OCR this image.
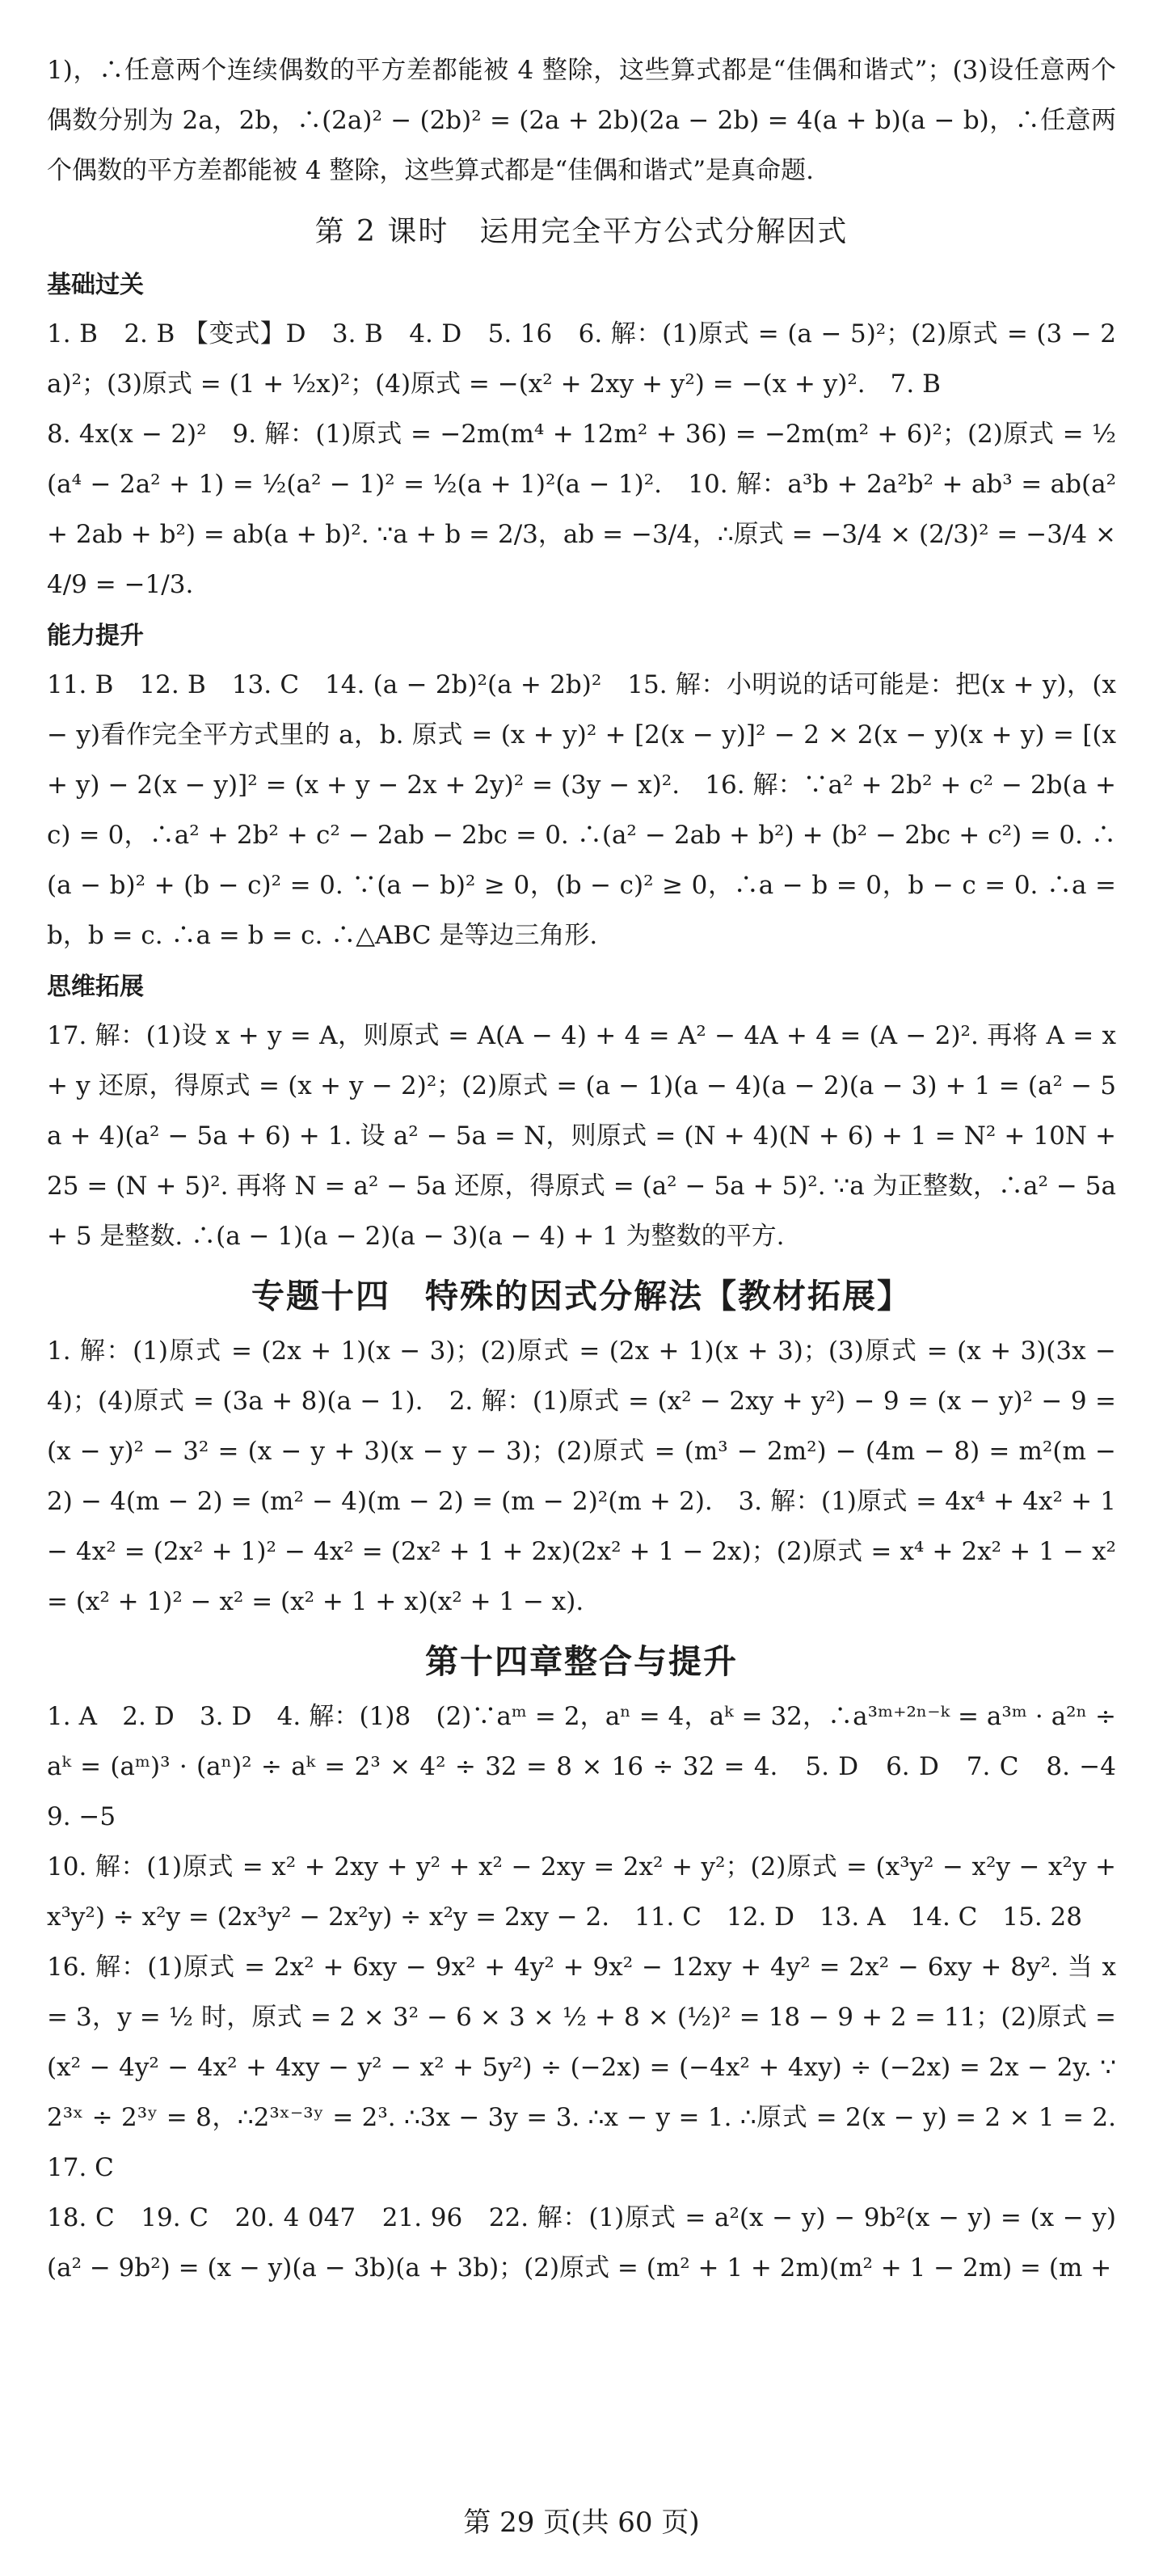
1)，∴任意两个连续偶数的平方差都能被 4 整除，这些算式都是“佳偶和谐式”；(3)设任意两个偶数分别为 2a，2b，∴(2a)² − (2b)² = (2a + 2b)(2a − 2b) = 4(a + b)(a − b)，∴任意两个偶数的平方差都能被 4 整除，这些算式都是“佳偶和谐式”是真命题.
第 2 课时　运用完全平方公式分解因式
基础过关
1. B　2. B 【变式】D　3. B　4. D　5. 16　6. 解：(1)原式 = (a − 5)²；(2)原式 = (3 − 2a)²；(3)原式 = (1 + ½x)²；(4)原式 = −(x² + 2xy + y²) = −(x + y)².　7. B
8. 4x(x − 2)²　9. 解：(1)原式 = −2m(m⁴ + 12m² + 36) = −2m(m² + 6)²；(2)原式 = ½(a⁴ − 2a² + 1) = ½(a² − 1)² = ½(a + 1)²(a − 1)².　10. 解：a³b + 2a²b² + ab³ = ab(a² + 2ab + b²) = ab(a + b)². ∵a + b = 2/3，ab = −3/4，∴原式 = −3/4 × (2/3)² = −3/4 × 4/9 = −1/3.
能力提升
11. B　12. B　13. C　14. (a − 2b)²(a + 2b)²　15. 解：小明说的话可能是：把(x + y)，(x − y)看作完全平方式里的 a，b. 原式 = (x + y)² + [2(x − y)]² − 2 × 2(x − y)(x + y) = [(x + y) − 2(x − y)]² = (x + y − 2x + 2y)² = (3y − x)².　16. 解：∵a² + 2b² + c² − 2b(a + c) = 0，∴a² + 2b² + c² − 2ab − 2bc = 0. ∴(a² − 2ab + b²) + (b² − 2bc + c²) = 0. ∴(a − b)² + (b − c)² = 0. ∵(a − b)² ≥ 0，(b − c)² ≥ 0，∴a − b = 0，b − c = 0. ∴a = b，b = c. ∴a = b = c. ∴△ABC 是等边三角形.
思维拓展
17. 解：(1)设 x + y = A，则原式 = A(A − 4) + 4 = A² − 4A + 4 = (A − 2)². 再将 A = x + y 还原，得原式 = (x + y − 2)²；(2)原式 = (a − 1)(a − 4)(a − 2)(a − 3) + 1 = (a² − 5a + 4)(a² − 5a + 6) + 1. 设 a² − 5a = N，则原式 = (N + 4)(N + 6) + 1 = N² + 10N + 25 = (N + 5)². 再将 N = a² − 5a 还原，得原式 = (a² − 5a + 5)². ∵a 为正整数，∴a² − 5a + 5 是整数. ∴(a − 1)(a − 2)(a − 3)(a − 4) + 1 为整数的平方.
专题十四　特殊的因式分解法【教材拓展】
1. 解：(1)原式 = (2x + 1)(x − 3)；(2)原式 = (2x + 1)(x + 3)；(3)原式 = (x + 3)(3x − 4)；(4)原式 = (3a + 8)(a − 1).　2. 解：(1)原式 = (x² − 2xy + y²) − 9 = (x − y)² − 9 = (x − y)² − 3² = (x − y + 3)(x − y − 3)；(2)原式 = (m³ − 2m²) − (4m − 8) = m²(m − 2) − 4(m − 2) = (m² − 4)(m − 2) = (m − 2)²(m + 2).　3. 解：(1)原式 = 4x⁴ + 4x² + 1 − 4x² = (2x² + 1)² − 4x² = (2x² + 1 + 2x)(2x² + 1 − 2x)；(2)原式 = x⁴ + 2x² + 1 − x² = (x² + 1)² − x² = (x² + 1 + x)(x² + 1 − x).
第十四章整合与提升
1. A　2. D　3. D　4. 解：(1)8　(2)∵aᵐ = 2，aⁿ = 4，aᵏ = 32，∴a³ᵐ⁺²ⁿ⁻ᵏ = a³ᵐ · a²ⁿ ÷ aᵏ = (aᵐ)³ · (aⁿ)² ÷ aᵏ = 2³ × 4² ÷ 32 = 8 × 16 ÷ 32 = 4.　5. D　6. D　7. C　8. −4　9. −5
10. 解：(1)原式 = x² + 2xy + y² + x² − 2xy = 2x² + y²；(2)原式 = (x³y² − x²y − x²y + x³y²) ÷ x²y = (2x³y² − 2x²y) ÷ x²y = 2xy − 2.　11. C　12. D　13. A　14. C　15. 28
16. 解：(1)原式 = 2x² + 6xy − 9x² + 4y² + 9x² − 12xy + 4y² = 2x² − 6xy + 8y². 当 x = 3，y = ½ 时，原式 = 2 × 3² − 6 × 3 × ½ + 8 × (½)² = 18 − 9 + 2 = 11；(2)原式 = (x² − 4y² − 4x² + 4xy − y² − x² + 5y²) ÷ (−2x) = (−4x² + 4xy) ÷ (−2x) = 2x − 2y. ∵2³ˣ ÷ 2³ʸ = 8，∴2³ˣ⁻³ʸ = 2³. ∴3x − 3y = 3. ∴x − y = 1. ∴原式 = 2(x − y) = 2 × 1 = 2.　17. C
18. C　19. C　20. 4 047　21. 96　22. 解：(1)原式 = a²(x − y) − 9b²(x − y) = (x − y)(a² − 9b²) = (x − y)(a − 3b)(a + 3b)；(2)原式 = (m² + 1 + 2m)(m² + 1 − 2m) = (m +
第 29 页(共 60 页)
